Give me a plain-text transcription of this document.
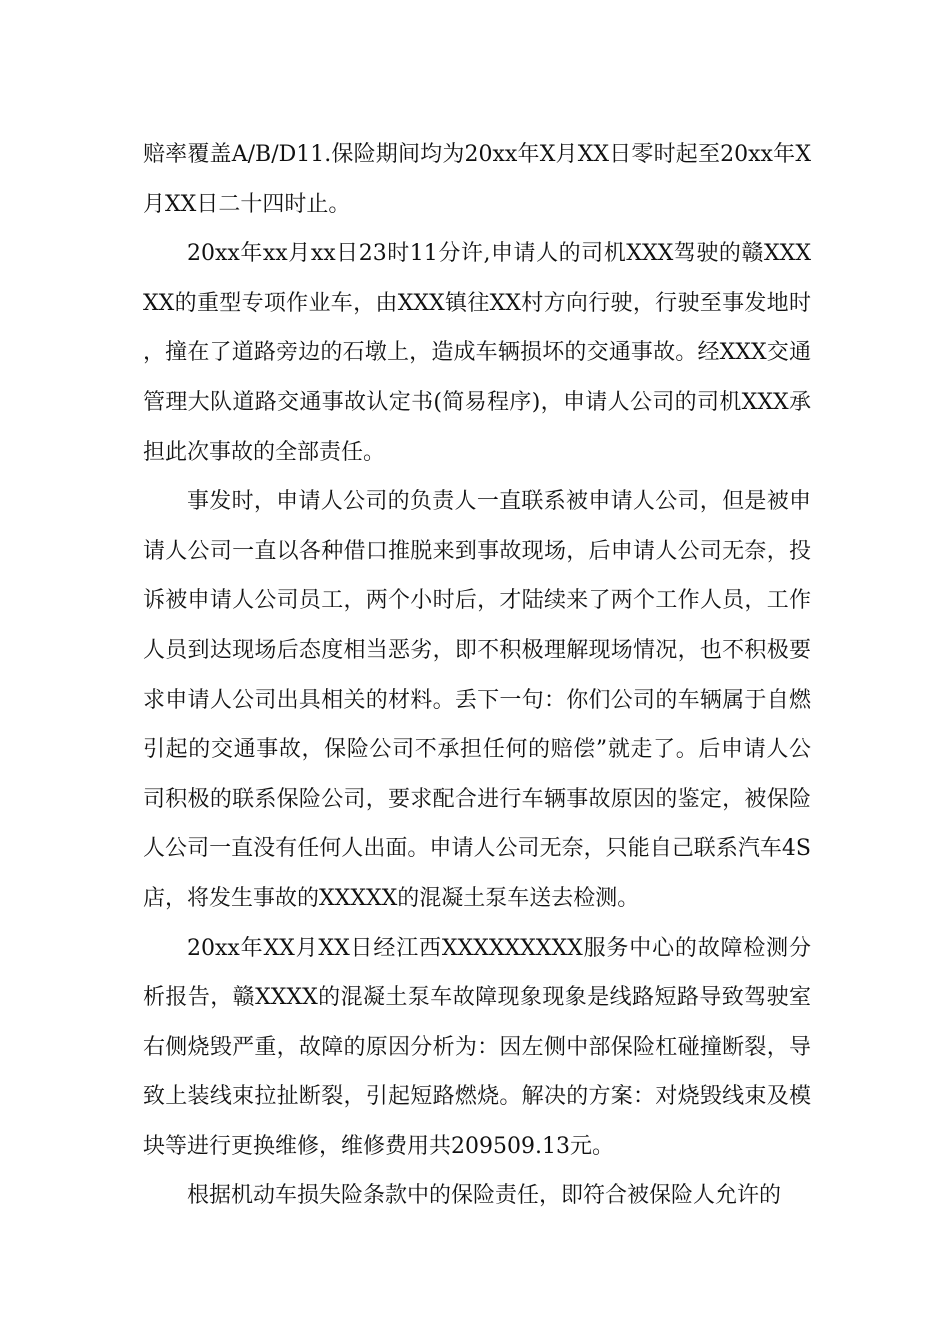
赔率覆盖A/B/D11.保险期间均为20xx年X月XX日零时起至20xx年X月XX日二十四时止。

20xx年xx月xx日23时11分许,申请人的司机XXX驾驶的赣XXXXX的重型专项作业车，由XXX镇往XX村方向行驶，行驶至事发地时，撞在了道路旁边的石墩上，造成车辆损坏的交通事故。经XXX交通管理大队道路交通事故认定书(简易程序)，申请人公司的司机XXX承担此次事故的全部责任。

事发时，申请人公司的负责人一直联系被申请人公司，但是被申请人公司一直以各种借口推脱来到事故现场，后申请人公司无奈，投诉被申请人公司员工，两个小时后，才陆续来了两个工作人员，工作人员到达现场后态度相当恶劣，即不积极理解现场情况，也不积极要求申请人公司出具相关的材料。丢下一句：你们公司的车辆属于自燃引起的交通事故，保险公司不承担任何的赔偿”就走了。后申请人公司积极的联系保险公司，要求配合进行车辆事故原因的鉴定，被保险人公司一直没有任何人出面。申请人公司无奈，只能自己联系汽车4S店，将发生事故的XXXXX的混凝土泵车送去检测。

20xx年XX月XX日经江西XXXXXXXXX服务中心的故障检测分析报告，赣XXXX的混凝土泵车故障现象现象是线路短路导致驾驶室右侧烧毁严重，故障的原因分析为：因左侧中部保险杠碰撞断裂，导致上装线束拉扯断裂，引起短路燃烧。解决的方案：对烧毁线束及模块等进行更换维修，维修费用共209509.13元。

根据机动车损失险条款中的保险责任，即符合被保险人允许的
